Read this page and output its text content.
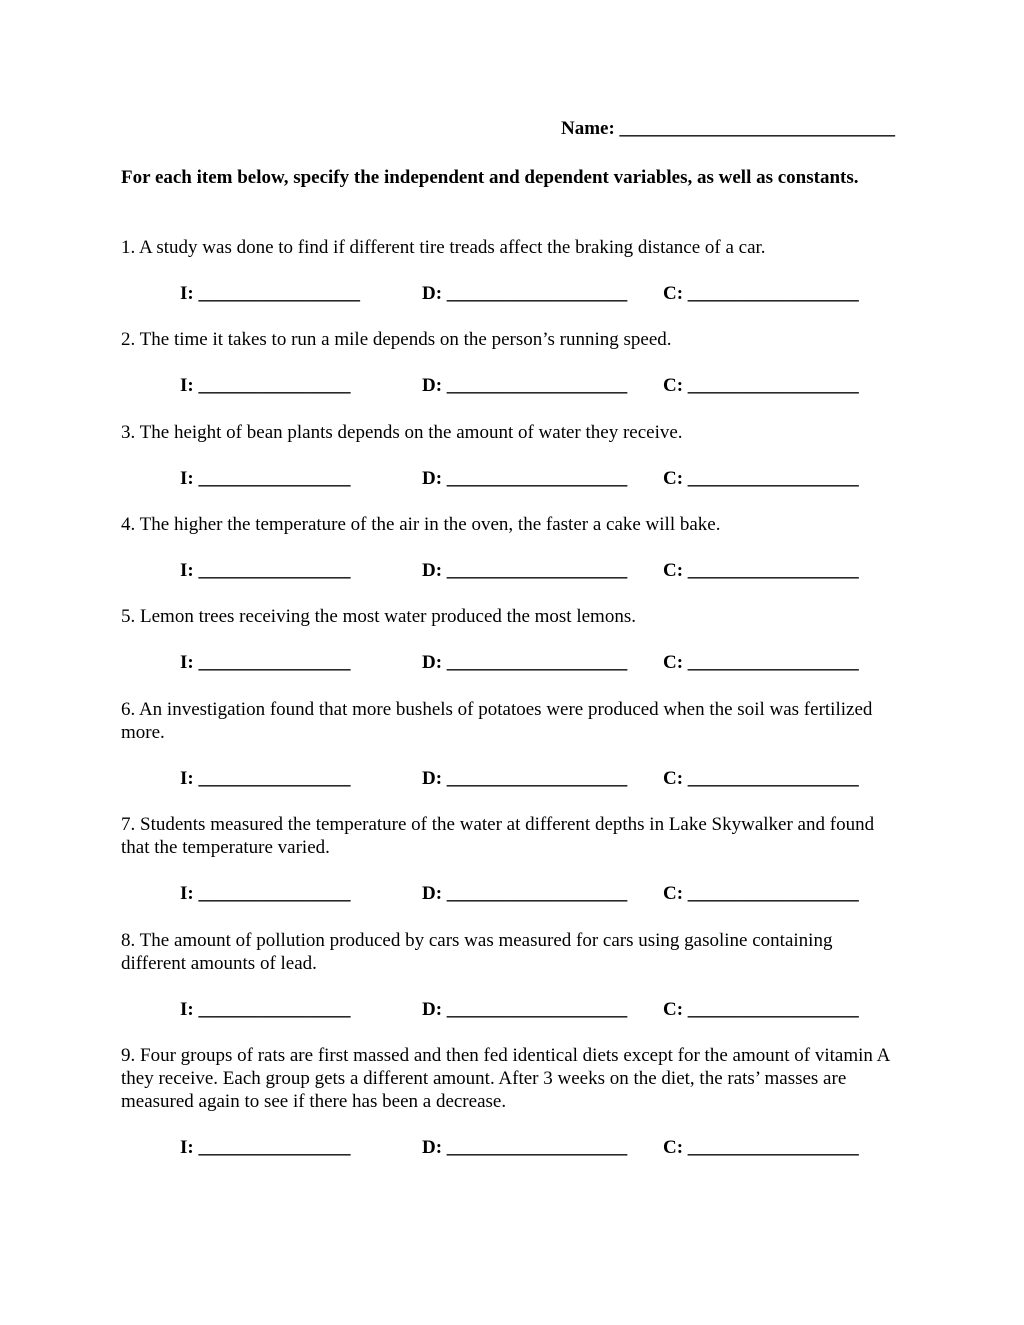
Name: _____________________________
For each item below, specify the independent and dependent variables, as well as constants.
1. A study was done to find if different tire treads affect the braking distance of a car.
I: _________________	D: ___________________ C: __________________
2. The time it takes to run a mile depends on the person’s running speed.
I: ________________	D: ___________________ C: __________________
3. The height of bean plants depends on the amount of water they receive.
I: ________________	D: ___________________ C: __________________
4. The higher the temperature of the air in the oven, the faster a cake will bake.
I: ________________	D: ___________________ C: __________________
5. Lemon trees receiving the most water produced the most lemons.
I: ________________	D: ___________________ C: __________________
6. An investigation found that more bushels of potatoes were produced when the soil was fertilized more.
I: ________________	D: ___________________ C: __________________
7. Students measured the temperature of the water at different depths in Lake Skywalker and found that the temperature varied.
I: ________________	D: ___________________ C: __________________
8. The amount of pollution produced by cars was measured for cars using gasoline containing different amounts of lead.
I: ________________	D: ___________________ C: __________________
9. Four groups of rats are first massed and then fed identical diets except for the amount of vitamin A they receive. Each group gets a different amount. After 3 weeks on the diet, the rats’ masses are measured again to see if there has been a decrease.
I: ________________	D: ___________________ C: __________________
